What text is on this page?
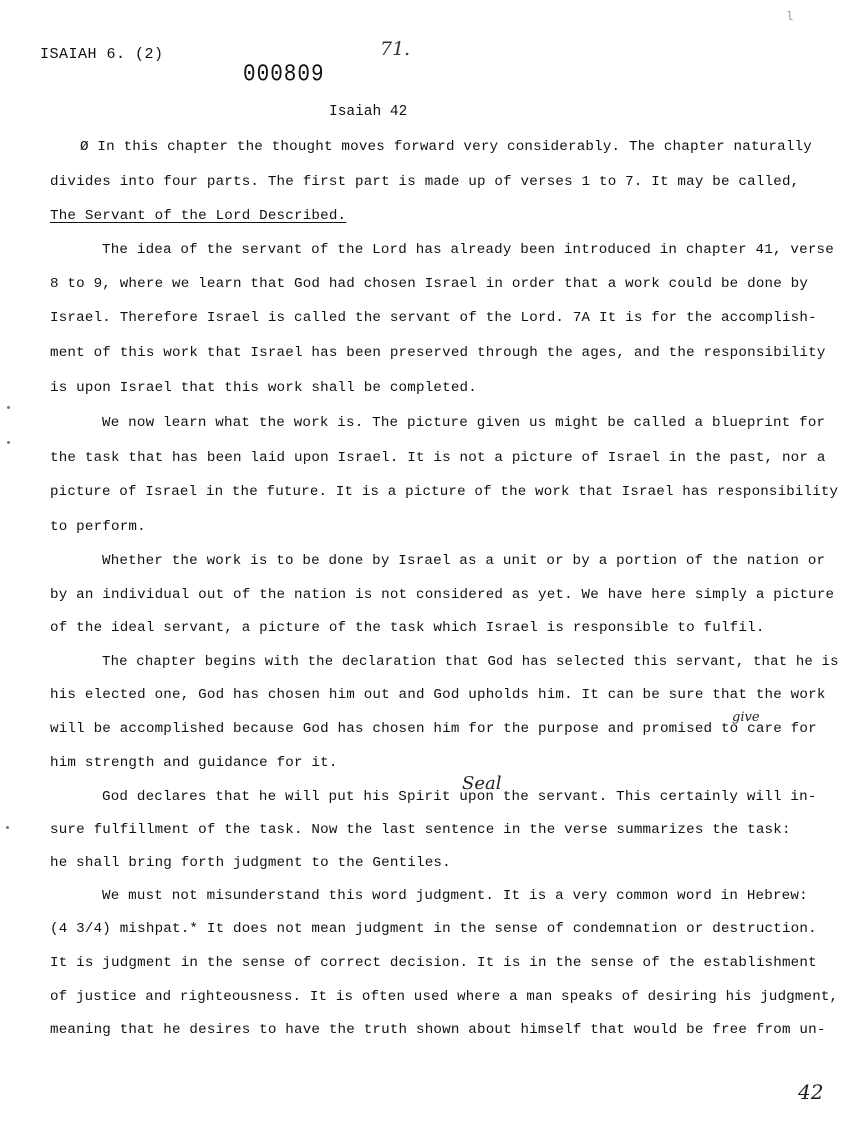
ISAIAH 6. (2)	71.
000809
l
Isaiah 42
Seal
give
Ø In this chapter the thought moves forward very considerably. The chapter naturally
divides into four parts. The first part is made up of verses 1 to 7. It may be called,
The Servant of the Lord Described.
The idea of the servant of the Lord has already been introduced in chapter 41, verse
8 to 9, where we learn that God had chosen Israel in order that a work could be done by
Israel. Therefore Israel is called the servant of the Lord. 7A It is for the accomplish-
ment of this work that Israel has been preserved through the ages, and the responsibility
is upon Israel that this work shall be completed.
We now learn what the work is. The picture given us might be called a blueprint for
the task that has been laid upon Israel. It is not a picture of Israel in the past, nor a
picture of Israel in the future. It is a picture of the work that Israel has responsibility
to perform.
Whether the work is to be done by Israel as a unit or by a portion of the nation or
by an individual out of the nation is not considered as yet. We have here simply a picture
of the ideal servant, a picture of the task which Israel is responsible to fulfil.
The chapter begins with the declaration that God has selected this servant, that he is
his elected one, God has chosen him out and God upholds him. It can be sure that the work
will be accomplished because God has chosen him for the purpose and promised to care for
him strength and guidance for it.
God declares that he will put his Spirit upon the servant. This certainly will in-
sure fulfillment of the task. Now the last sentence in the verse summarizes the task:
he shall bring forth judgment to the Gentiles.
We must not misunderstand this word judgment. It is a very common word in Hebrew:
(4 3/4) mishpat.* It does not mean judgment in the sense of condemnation or destruction.
It is judgment in the sense of correct decision. It is in the sense of the establishment
of justice and righteousness. It is often used where a man speaks of desiring his judgment,
meaning that he desires to have the truth shown about himself that would be free from un-
42
